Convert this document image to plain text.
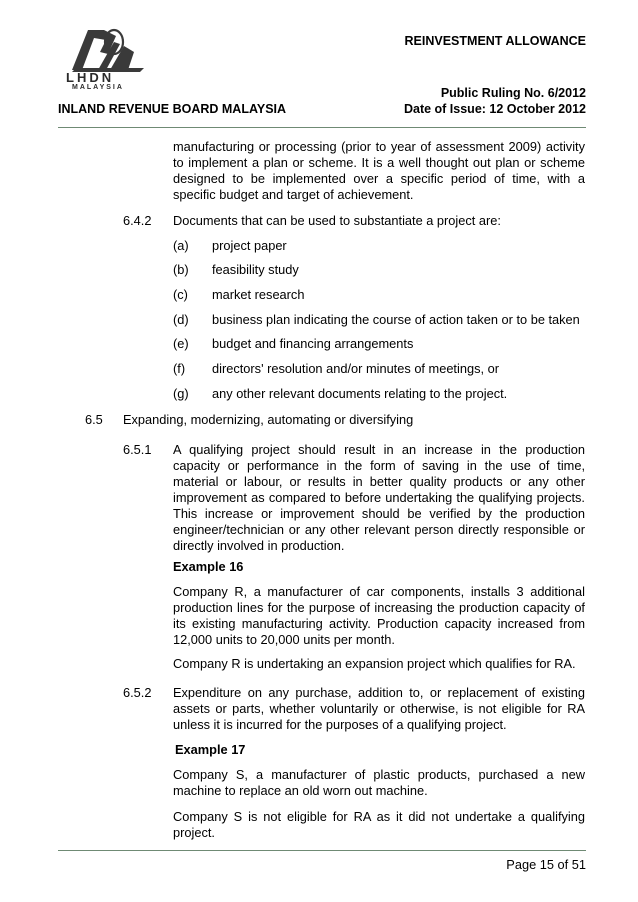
LHDN
MALAYSIA
REINVESTMENT ALLOWANCE
Public Ruling No. 6/2012
Date of Issue: 12 October 2012
INLAND REVENUE BOARD MALAYSIA
manufacturing or processing (prior to year of assessment 2009) activity
to implement a plan or scheme. It is a well thought out plan or scheme
designed to be implemented over a specific period of time, with a
specific budget and target of achievement.
6.4.2 Documents that can be used to substantiate a project are:
(a) project paper
(b) feasibility study
(c) market research
(d) business plan indicating the course of action taken or to be taken
(e) budget and financing arrangements
(f) directors' resolution and/or minutes of meetings, or
(g) any other relevant documents relating to the project.
6.5 Expanding, modernizing, automating or diversifying
6.5.1 A qualifying project should result in an increase in the production
capacity or performance in the form of saving in the use of time,
material or labour, or results in better quality products or any other
improvement as compared to before undertaking the qualifying projects.
This increase or improvement should be verified by the production
engineer/technician or any other relevant person directly responsible or
directly involved in production.
Example 16
Company R, a manufacturer of car components, installs 3 additional
production lines for the purpose of increasing the production capacity of
its existing manufacturing activity. Production capacity increased from
12,000 units to 20,000 units per month.
Company R is undertaking an expansion project which qualifies for RA.
6.5.2 Expenditure on any purchase, addition to, or replacement of existing
assets or parts, whether voluntarily or otherwise, is not eligible for RA
unless it is incurred for the purposes of a qualifying project.
Example 17
Company S, a manufacturer of plastic products, purchased a new
machine to replace an old worn out machine.
Company S is not eligible for RA as it did not undertake a qualifying
project.
Page 15 of 51
